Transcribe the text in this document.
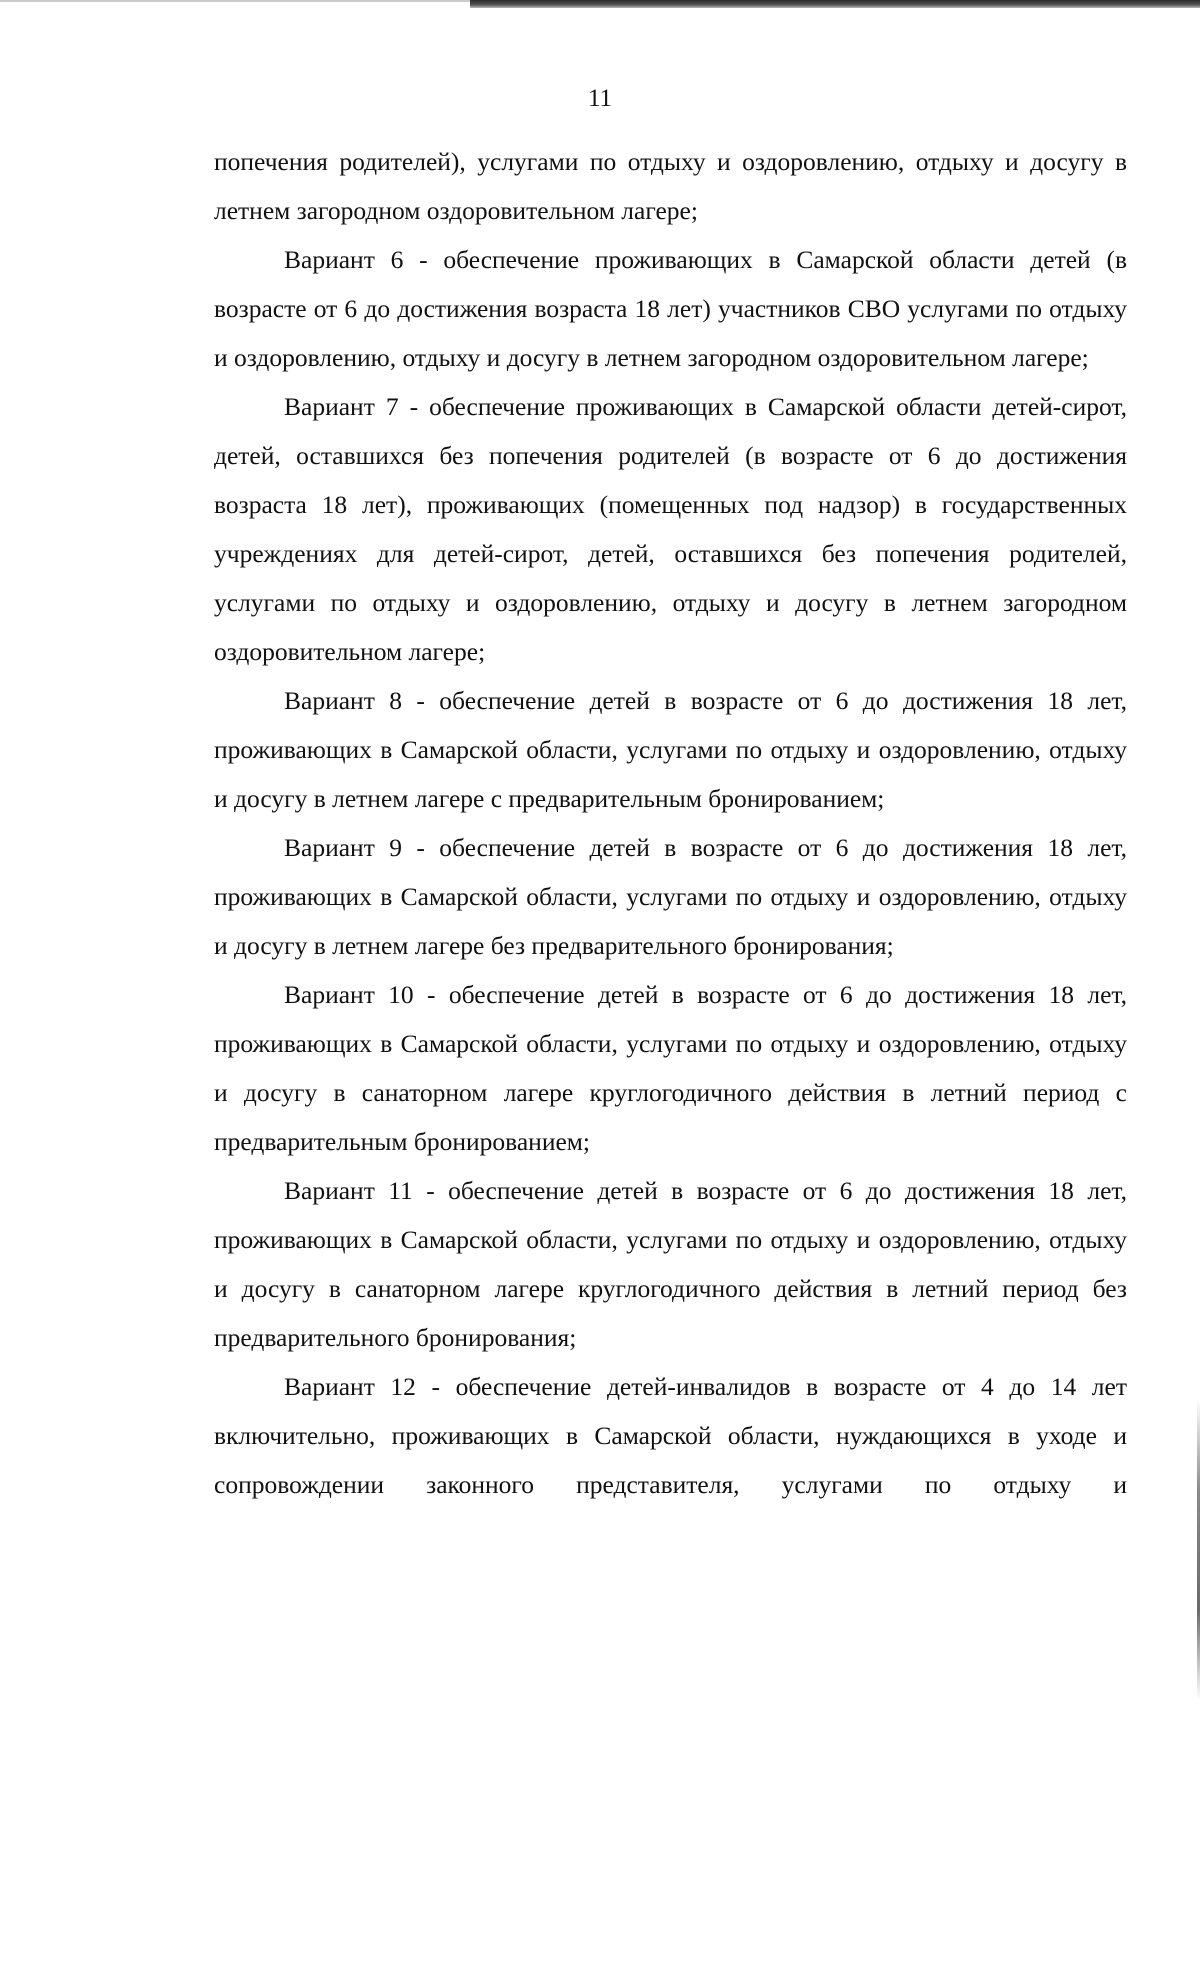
11

попечения родителей), услугами по отдыху и оздоровлению, отдыху и досугу в летнем загородном оздоровительном лагере;

Вариант 6 - обеспечение проживающих в Самарской области детей (в возрасте от 6 до достижения возраста 18 лет) участников СВО услугами по отдыху и оздоровлению, отдыху и досугу в летнем загородном оздоровительном лагере;

Вариант 7 - обеспечение проживающих в Самарской области детей-сирот, детей, оставшихся без попечения родителей (в возрасте от 6 до достижения возраста 18 лет), проживающих (помещенных под надзор) в государственных учреждениях для детей-сирот, детей, оставшихся без попечения родителей, услугами по отдыху и оздоровлению, отдыху и досугу в летнем загородном оздоровительном лагере;

Вариант 8 - обеспечение детей в возрасте от 6 до достижения 18 лет, проживающих в Самарской области, услугами по отдыху и оздоровлению, отдыху и досугу в летнем лагере с предварительным бронированием;

Вариант 9 - обеспечение детей в возрасте от 6 до достижения 18 лет, проживающих в Самарской области, услугами по отдыху и оздоровлению, отдыху и досугу в летнем лагере без предварительного бронирования;

Вариант 10 - обеспечение детей в возрасте от 6 до достижения 18 лет, проживающих в Самарской области, услугами по отдыху и оздоровлению, отдыху и досугу в санаторном лагере круглогодичного действия в летний период с предварительным бронированием;

Вариант 11 - обеспечение детей в возрасте от 6 до достижения 18 лет, проживающих в Самарской области, услугами по отдыху и оздоровлению, отдыху и досугу в санаторном лагере круглогодичного действия в летний период без предварительного бронирования;

Вариант 12 - обеспечение детей-инвалидов в возрасте от 4 до 14 лет включительно, проживающих в Самарской области, нуждающихся в уходе и сопровождении законного представителя, услугами по отдыху и
